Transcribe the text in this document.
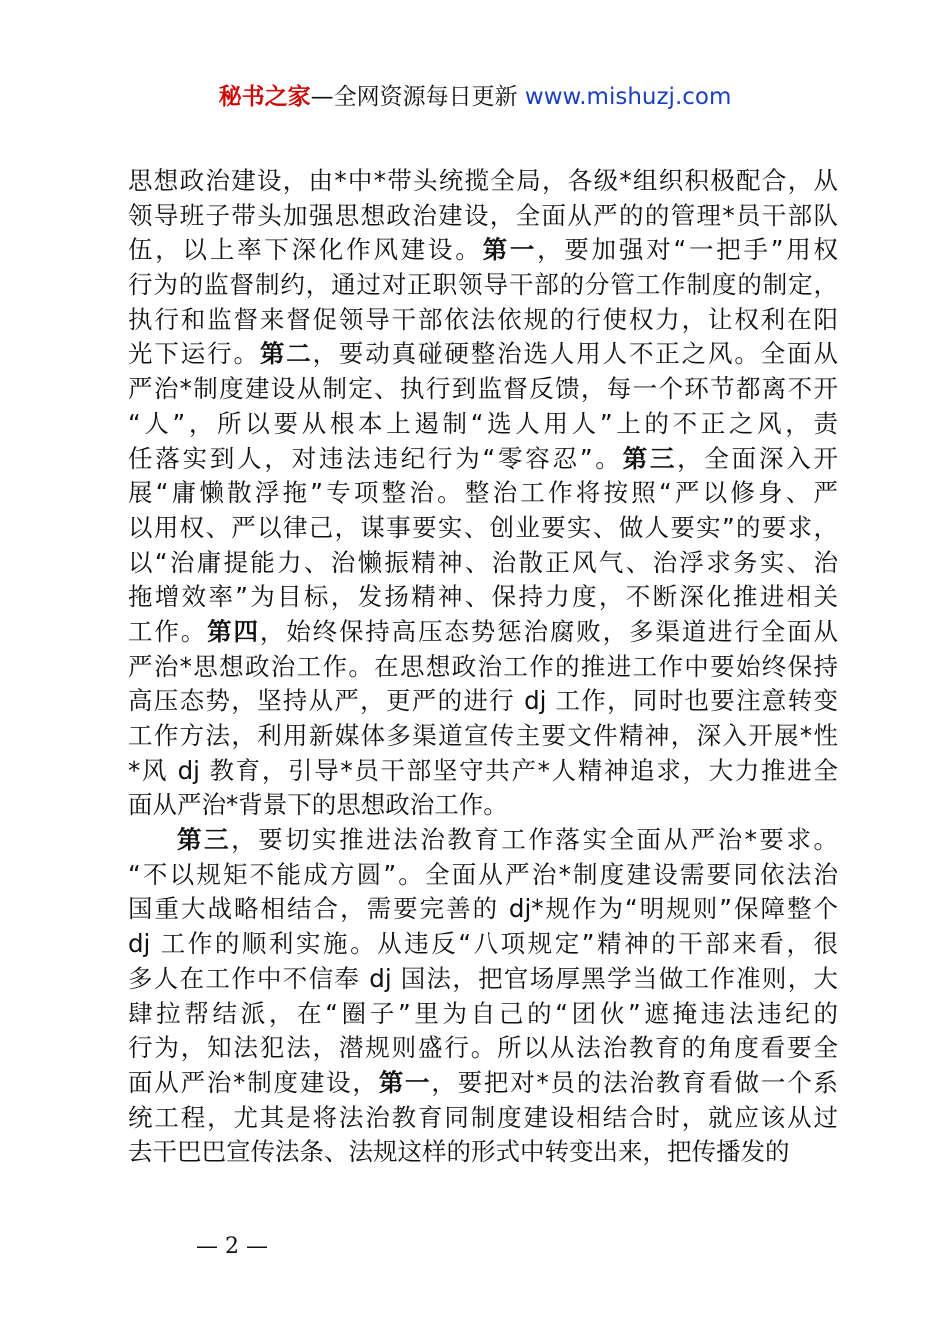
秘书之家—全网资源每日更新 www.mishuzj.com
思想政治建设，由*中*带头统揽全局，各级*组织积极配合，从
领导班子带头加强思想政治建设，全面从严的的管理*员干部队
伍，以上率下深化作风建设。第一，要加强对“一把手”用权
行为的监督制约，通过对正职领导干部的分管工作制度的制定，
执行和监督来督促领导干部依法依规的行使权力，让权利在阳
光下运行。第二，要动真碰硬整治选人用人不正之风。全面从
严治*制度建设从制定、执行到监督反馈，每一个环节都离不开
“人”，所以要从根本上遏制“选人用人”上的不正之风，责
任落实到人，对违法违纪行为“零容忍”。第三，全面深入开
展“庸懒散浮拖”专项整治。整治工作将按照“严以修身、严
以用权、严以律己，谋事要实、创业要实、做人要实”的要求，
以“治庸提能力、治懒振精神、治散正风气、治浮求务实、治
拖增效率”为目标，发扬精神、保持力度，不断深化推进相关
工作。第四，始终保持高压态势惩治腐败，多渠道进行全面从
严治*思想政治工作。在思想政治工作的推进工作中要始终保持
高压态势，坚持从严，更严的进行 dj 工作，同时也要注意转变
工作方法，利用新媒体多渠道宣传主要文件精神，深入开展*性
*风 dj 教育，引导*员干部坚守共产*人精神追求，大力推进全
面从严治*背景下的思想政治工作。
第三，要切实推进法治教育工作落实全面从严治*要求。
“不以规矩不能成方圆”。全面从严治*制度建设需要同依法治
国重大战略相结合，需要完善的 dj*规作为“明规则”保障整个
dj 工作的顺利实施。从违反“八项规定”精神的干部来看，很
多人在工作中不信奉 dj 国法，把官场厚黑学当做工作准则，大
肆拉帮结派，在“圈子”里为自己的“团伙”遮掩违法违纪的
行为，知法犯法，潜规则盛行。所以从法治教育的角度看要全
面从严治*制度建设，第一，要把对*员的法治教育看做一个系
统工程，尤其是将法治教育同制度建设相结合时，就应该从过
去干巴巴宣传法条、法规这样的形式中转变出来，把传播发的
— 2 —
